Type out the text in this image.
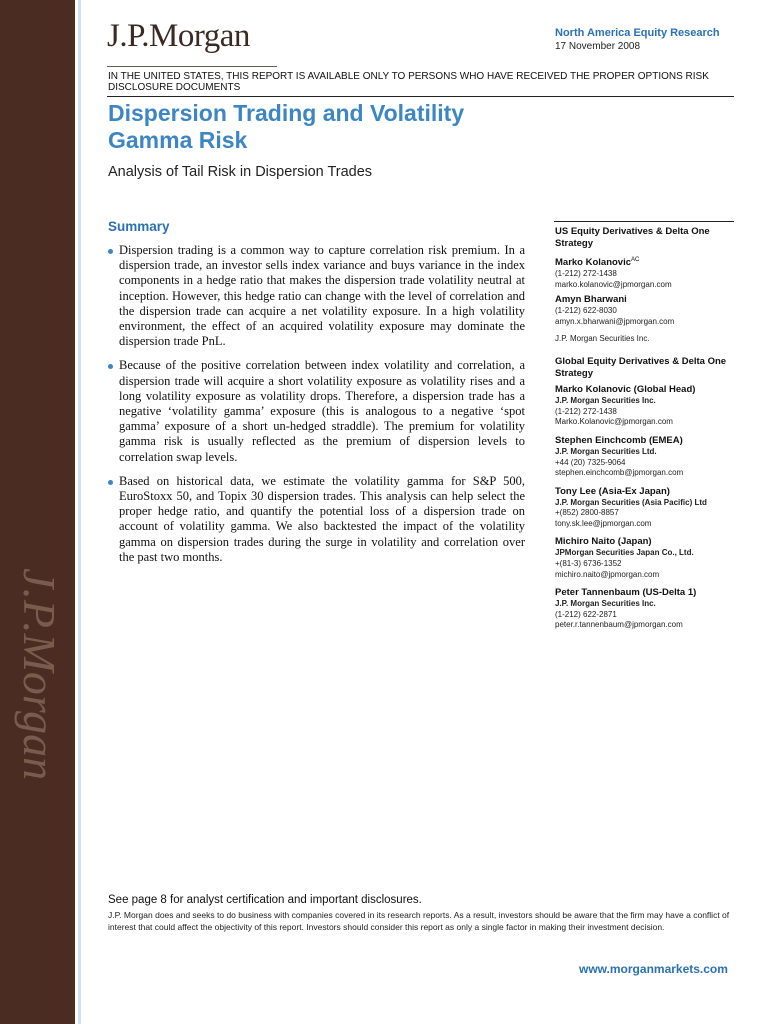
J.P.Morgan
J.P.Morgan	North America Equity Research
17 November 2008
IN THE UNITED STATES, THIS REPORT IS AVAILABLE ONLY TO PERSONS WHO HAVE RECEIVED THE PROPER OPTIONS RISK DISCLOSURE DOCUMENTS
Dispersion Trading and Volatility Gamma Risk
Analysis of Tail Risk in Dispersion Trades
Summary
Dispersion trading is a common way to capture correlation risk premium. In a dispersion trade, an investor sells index variance and buys variance in the index components in a hedge ratio that makes the dispersion trade volatility neutral at inception. However, this hedge ratio can change with the level of correlation and the dispersion trade can acquire a net volatility exposure. In a high volatility environment, the effect of an acquired volatility exposure may dominate the dispersion trade PnL.
Because of the positive correlation between index volatility and correlation, a dispersion trade will acquire a short volatility exposure as volatility rises and a long volatility exposure as volatility drops. Therefore, a dispersion trade has a negative ‘volatility gamma’ exposure (this is analogous to a negative ‘spot gamma’ exposure of a short un-hedged straddle). The premium for volatility gamma risk is usually reflected as the premium of dispersion levels to correlation swap levels.
Based on historical data, we estimate the volatility gamma for S&P 500, EuroStoxx 50, and Topix 30 dispersion trades. This analysis can help select the proper hedge ratio, and quantify the potential loss of a dispersion trade on account of volatility gamma. We also backtested the impact of the volatility gamma on dispersion trades during the surge in volatility and correlation over the past two months.
US Equity Derivatives & Delta One Strategy
Marko Kolanovic$^{AC}$
(1-212) 272-1438
marko.kolanovic@jpmorgan.com
Amyn Bharwani
(1-212) 622-8030
amyn.x.bharwani@jpmorgan.com
J.P. Morgan Securities Inc.
Global Equity Derivatives & Delta One Strategy
Marko Kolanovic (Global Head)
J.P. Morgan Securities Inc.
(1-212) 272-1438
Marko.Kolanovic@jpmorgan.com
Stephen Einchcomb (EMEA)
J.P. Morgan Securities Ltd.
+44 (20) 7325-9064
stephen.einchcomb@jpmorgan.com
Tony Lee (Asia-Ex Japan)
J.P. Morgan Securities (Asia Pacific) Ltd
+(852) 2800-8857
tony.sk.lee@jpmorgan.com
Michiro Naito (Japan)
JPMorgan Securities Japan Co., Ltd.
+(81-3) 6736-1352
michiro.naito@jpmorgan.com
Peter Tannenbaum (US-Delta 1)
J.P. Morgan Securities Inc.
(1-212) 622-2871
peter.r.tannenbaum@jpmorgan.com
See page 8 for analyst certification and important disclosures.
J.P. Morgan does and seeks to do business with companies covered in its research reports. As a result, investors should be aware that the firm may have a conflict of interest that could affect the objectivity of this report. Investors should consider this report as only a single factor in making their investment decision.
www.morganmarkets.com
